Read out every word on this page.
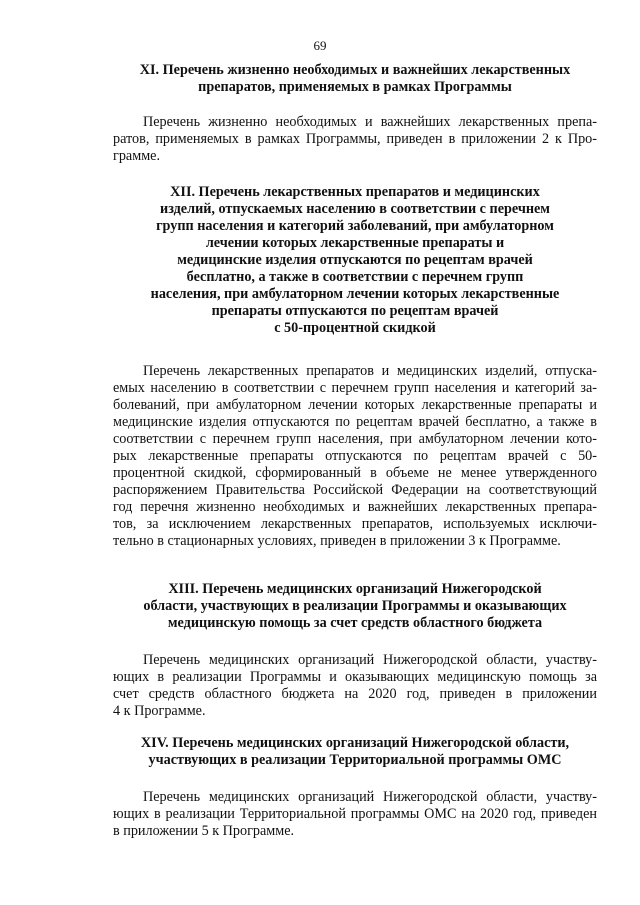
69
XI. Перечень жизненно необходимых и важнейших лекарственных
препаратов, применяемых в рамках Программы
Перечень жизненно необходимых и важнейших лекарственных препа-
ратов, применяемых в рамках Программы, приведен в приложении 2 к Про-
грамме.
XII. Перечень лекарственных препаратов и медицинских
изделий, отпускаемых населению в соответствии с перечнем
групп населения и категорий заболеваний, при амбулаторном
лечении которых лекарственные препараты и
медицинские изделия отпускаются по рецептам врачей
бесплатно, а также в соответствии с перечнем групп
населения, при амбулаторном лечении которых лекарственные
препараты отпускаются по рецептам врачей
с 50-процентной скидкой
Перечень лекарственных препаратов и медицинских изделий, отпуска-
емых населению в соответствии с перечнем групп населения и категорий за-
болеваний, при амбулаторном лечении которых лекарственные препараты и
медицинские изделия отпускаются по рецептам врачей бесплатно, а также в
соответствии с перечнем групп населения, при амбулаторном лечении кото-
рых лекарственные препараты отпускаются по рецептам врачей с 50-
процентной скидкой, сформированный в объеме не менее утвержденного
распоряжением Правительства Российской Федерации на соответствующий
год перечня жизненно необходимых и важнейших лекарственных препара-
тов, за исключением лекарственных препаратов, используемых исключи-
тельно в стационарных условиях, приведен в приложении 3 к Программе.
XIII. Перечень медицинских организаций Нижегородской
области, участвующих в реализации Программы и оказывающих
медицинскую помощь за счет средств областного бюджета
Перечень медицинских организаций Нижегородской области, участву-
ющих в реализации Программы и оказывающих медицинскую помощь за
счет средств областного бюджета на 2020 год, приведен в приложении
4 к Программе.
XIV. Перечень медицинских организаций Нижегородской области,
участвующих в реализации Территориальной программы ОМС
Перечень медицинских организаций Нижегородской области, участву-
ющих в реализации Территориальной программы ОМС на 2020 год, приведен
в приложении 5 к Программе.
